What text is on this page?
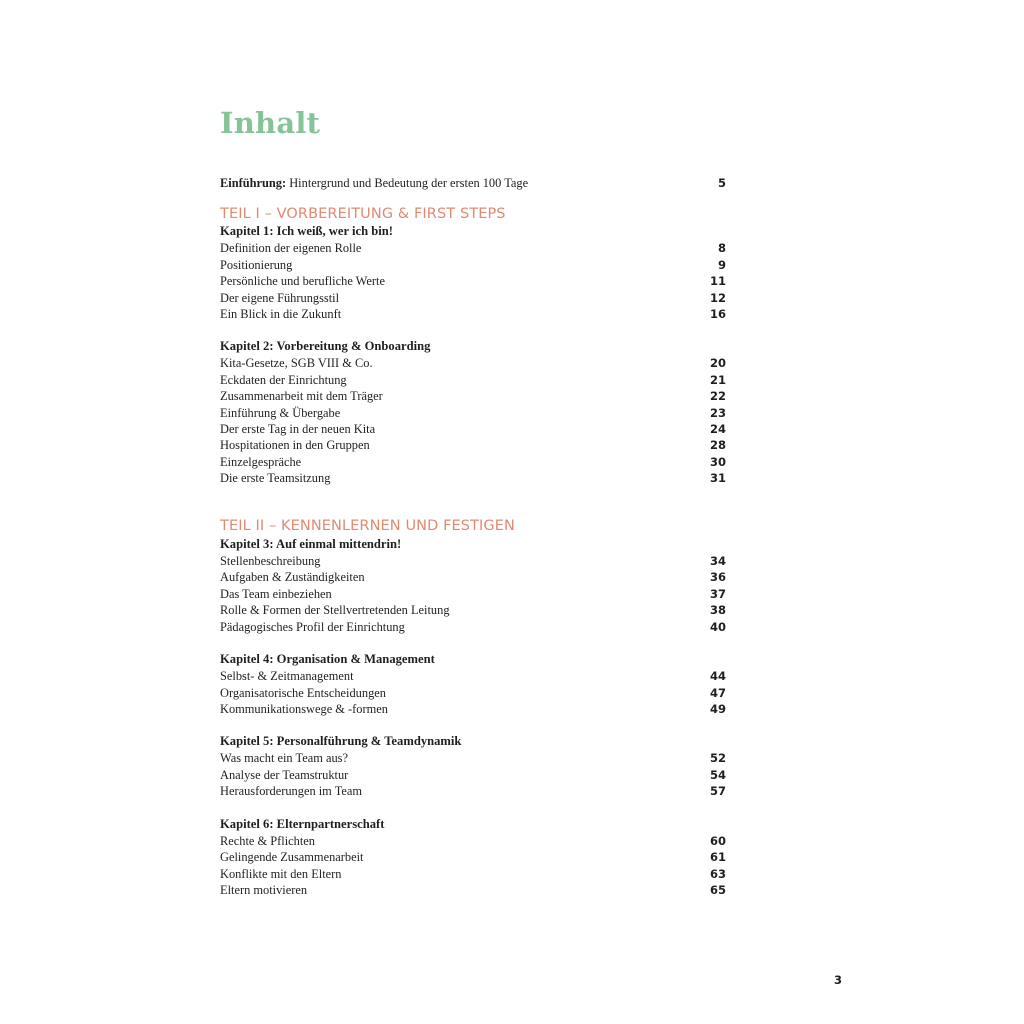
Inhalt
Einführung: Hintergrund und Bedeutung der ersten 100 Tage	5
TEIL I – VORBEREITUNG & FIRST STEPS
Kapitel 1: Ich weiß, wer ich bin!
Definition der eigenen Rolle	8
Positionierung	9
Persönliche und berufliche Werte	11
Der eigene Führungsstil	12
Ein Blick in die Zukunft	16
Kapitel 2: Vorbereitung & Onboarding
Kita-Gesetze, SGB VIII & Co.	20
Eckdaten der Einrichtung	21
Zusammenarbeit mit dem Träger	22
Einführung & Übergabe	23
Der erste Tag in der neuen Kita	24
Hospitationen in den Gruppen	28
Einzelgespräche	30
Die erste Teamsitzung	31
TEIL II – KENNENLERNEN UND FESTIGEN
Kapitel 3: Auf einmal mittendrin!
Stellenbeschreibung	34
Aufgaben & Zuständigkeiten	36
Das Team einbeziehen	37
Rolle & Formen der Stellvertretenden Leitung	38
Pädagogisches Profil der Einrichtung	40
Kapitel 4: Organisation & Management
Selbst- & Zeitmanagement	44
Organisatorische Entscheidungen	47
Kommunikationswege & -formen	49
Kapitel 5: Personalführung & Teamdynamik
Was macht ein Team aus?	52
Analyse der Teamstruktur	54
Herausforderungen im Team	57
Kapitel 6: Elternpartnerschaft
Rechte & Pflichten	60
Gelingende Zusammenarbeit	61
Konflikte mit den Eltern	63
Eltern motivieren	65
3
